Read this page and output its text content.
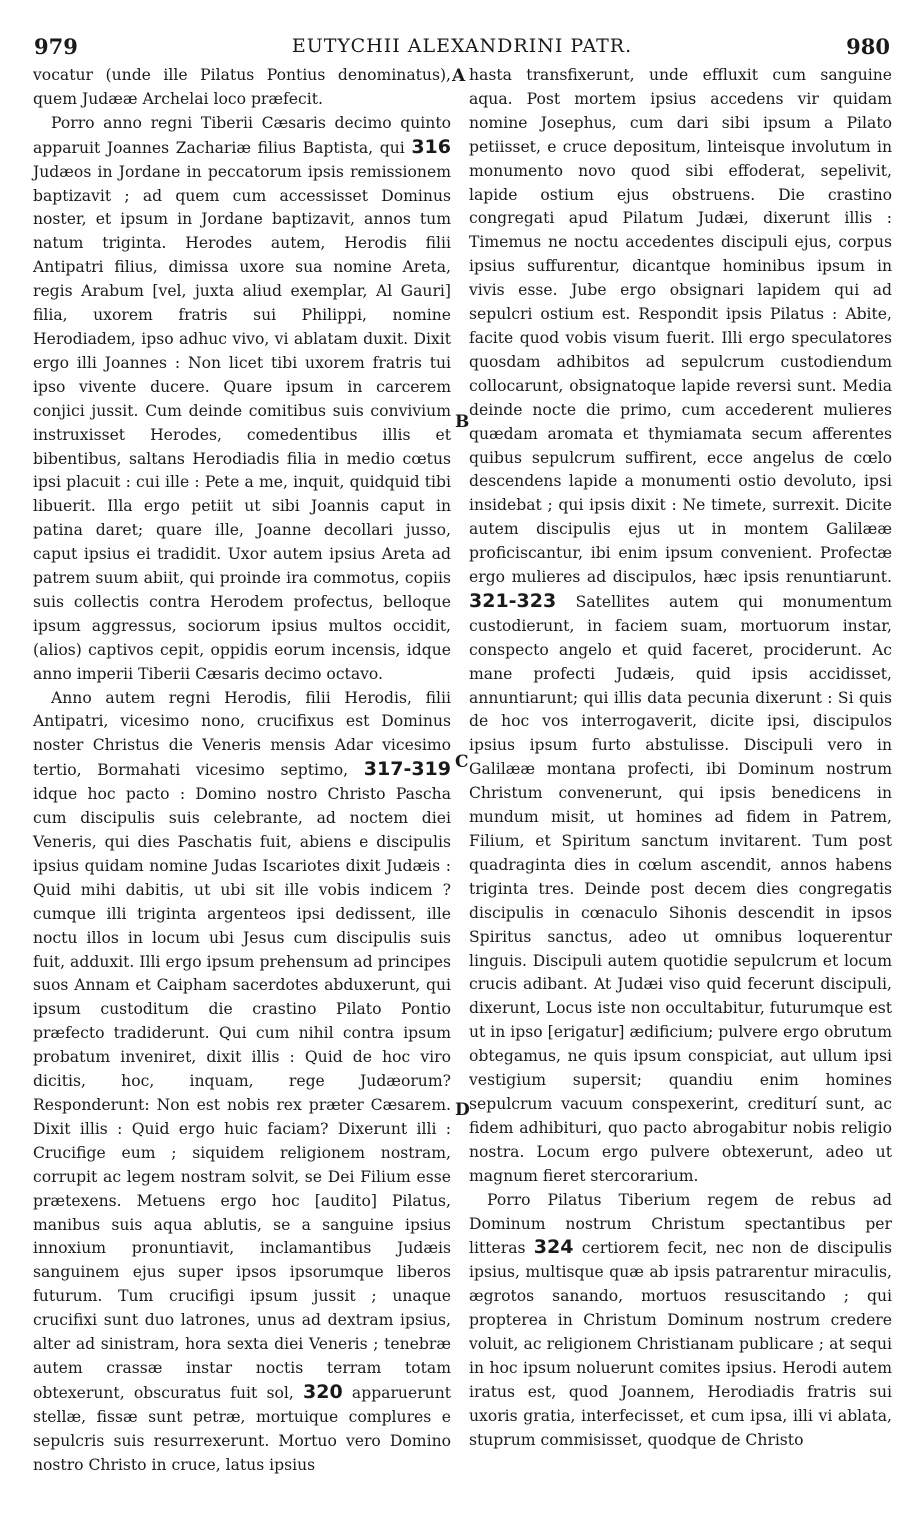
979	EUTYCHII ALEXANDRINI PATR.	980
A
B
C
D

vocatur (unde ille Pilatus Pontius denominatus), quem Judææ Archelai loco præfecit.

Porro anno regni Tiberii Cæsaris decimo quinto apparuit Joannes Zachariæ filius Baptista, qui 316 Judæos in Jordane in peccatorum ipsis remissionem baptizavit ; ad quem cum accessisset Dominus noster, et ipsum in Jordane baptizavit, annos tum natum triginta. Herodes autem, Herodis filii Antipatri filius, dimissa uxore sua nomine Areta, regis Arabum [vel, juxta aliud exemplar, Al Gauri] filia, uxorem fratris sui Philippi, nomine Herodiadem, ipso adhuc vivo, vi ablatam duxit. Dixit ergo illi Joannes : Non licet tibi uxorem fratris tui ipso vivente ducere. Quare ipsum in carcerem conjici jussit. Cum deinde comitibus suis convivium instruxisset Herodes, comedentibus illis et bibentibus, saltans Herodiadis filia in medio cœtus ipsi placuit : cui ille : Pete a me, inquit, quidquid tibi libuerit. Illa ergo petiit ut sibi Joannis caput in patina daret; quare ille, Joanne decollari jusso, caput ipsius ei tradidit. Uxor autem ipsius Areta ad patrem suum abiit, qui proinde ira commotus, copiis suis collectis contra Herodem profectus, belloque ipsum aggressus, sociorum ipsius multos occidit, (alios) captivos cepit, oppidis eorum incensis, idque anno imperii Tiberii Cæsaris decimo octavo.

Anno autem regni Herodis, filii Herodis, filii Antipatri, vicesimo nono, crucifixus est Dominus noster Christus die Veneris mensis Adar vicesimo tertio, Bormahati vicesimo septimo, 317-319 idque hoc pacto : Domino nostro Christo Pascha cum discipulis suis celebrante, ad noctem diei Veneris, qui dies Paschatis fuit, abiens e discipulis ipsius quidam nomine Judas Iscariotes dixit Judæis : Quid mihi dabitis, ut ubi sit ille vobis indicem ? cumque illi triginta argenteos ipsi dedissent, ille noctu illos in locum ubi Jesus cum discipulis suis fuit, adduxit. Illi ergo ipsum prehensum ad principes suos Annam et Caipham sacerdotes abduxerunt, qui ipsum custoditum die crastino Pilato Pontio præfecto tradiderunt. Qui cum nihil contra ipsum probatum inveniret, dixit illis : Quid de hoc viro dicitis, hoc, inquam, rege Judæorum? Responderunt: Non est nobis rex præter Cæsarem. Dixit illis : Quid ergo huic faciam? Dixerunt illi : Crucifige eum ; siquidem religionem nostram, corrupit ac legem nostram solvit, se Dei Filium esse prætexens. Metuens ergo hoc [audito] Pilatus, manibus suis aqua ablutis, se a sanguine ipsius innoxium pronuntiavit, inclamantibus Judæis sanguinem ejus super ipsos ipsorumque liberos futurum. Tum crucifigi ipsum jussit ; unaque crucifixi sunt duo latrones, unus ad dextram ipsius, alter ad sinistram, hora sexta diei Veneris ; tenebræ autem crassæ instar noctis terram totam obtexerunt, obscuratus fuit sol, 320 apparuerunt stellæ, fissæ sunt petræ, mortuique complures e sepulcris suis resurrexerunt. Mortuo vero Domino nostro Christo in cruce, latus ipsius

hasta transfixerunt, unde effluxit cum sanguine aqua. Post mortem ipsius accedens vir quidam nomine Josephus, cum dari sibi ipsum a Pilato petiisset, e cruce depositum, linteisque involutum in monumento novo quod sibi effoderat, sepelivit, lapide ostium ejus obstruens. Die crastino congregati apud Pilatum Judæi, dixerunt illis : Timemus ne noctu accedentes discipuli ejus, corpus ipsius suffurentur, dicantque hominibus ipsum in vivis esse. Jube ergo obsignari lapidem qui ad sepulcri ostium est. Respondit ipsis Pilatus : Abite, facite quod vobis visum fuerit. Illi ergo speculatores quosdam adhibitos ad sepulcrum custodiendum collocarunt, obsignatoque lapide reversi sunt. Media deinde nocte die primo, cum accederent mulieres quædam aromata et thymiamata secum afferentes quibus sepulcrum suffirent, ecce angelus de cœlo descendens lapide a monumenti ostio devoluto, ipsi insidebat ; qui ipsis dixit : Ne timete, surrexit. Dicite autem discipulis ejus ut in montem Galilææ proficiscantur, ibi enim ipsum convenient. Profectæ ergo mulieres ad discipulos, hæc ipsis renuntiarunt. 321-323 Satellites autem qui monumentum custodierunt, in faciem suam, mortuorum instar, conspecto angelo et quid faceret, prociderunt. Ac mane profecti Judæis, quid ipsis accidisset, annuntiarunt; qui illis data pecunia dixerunt : Si quis de hoc vos interrogaverit, dicite ipsi, discipulos ipsius ipsum furto abstulisse. Discipuli vero in Galilææ montana profecti, ibi Dominum nostrum Christum convenerunt, qui ipsis benedicens in mundum misit, ut homines ad fidem in Patrem, Filium, et Spiritum sanctum invitarent. Tum post quadraginta dies in cœlum ascendit, annos habens triginta tres. Deinde post decem dies congregatis discipulis in cœnaculo Sihonis descendit in ipsos Spiritus sanctus, adeo ut omnibus loquerentur linguis. Discipuli autem quotidie sepulcrum et locum crucis adibant. At Judæi viso quid fecerunt discipuli, dixerunt, Locus iste non occultabitur, futurumque est ut in ipso [erigatur] ædificium; pulvere ergo obrutum obtegamus, ne quis ipsum conspiciat, aut ullum ipsi vestigium supersit; quandiu enim homines sepulcrum vacuum conspexerint, crediturí sunt, ac fidem adhibituri, quo pacto abrogabitur nobis religio nostra. Locum ergo pulvere obtexerunt, adeo ut magnum fieret stercorarium.

Porro Pilatus Tiberium regem de rebus ad Dominum nostrum Christum spectantibus per litteras 324 certiorem fecit, nec non de discipulis ipsius, multisque quæ ab ipsis patrarentur miraculis, ægrotos sanando, mortuos resuscitando ; qui propterea in Christum Dominum nostrum credere voluit, ac religionem Christianam publicare ; at sequi in hoc ipsum noluerunt comites ipsius. Herodi autem iratus est, quod Joannem, Herodiadis fratris sui uxoris gratia, interfecisset, et cum ipsa, illi vi ablata, stuprum commisisset, quodque de Christo
